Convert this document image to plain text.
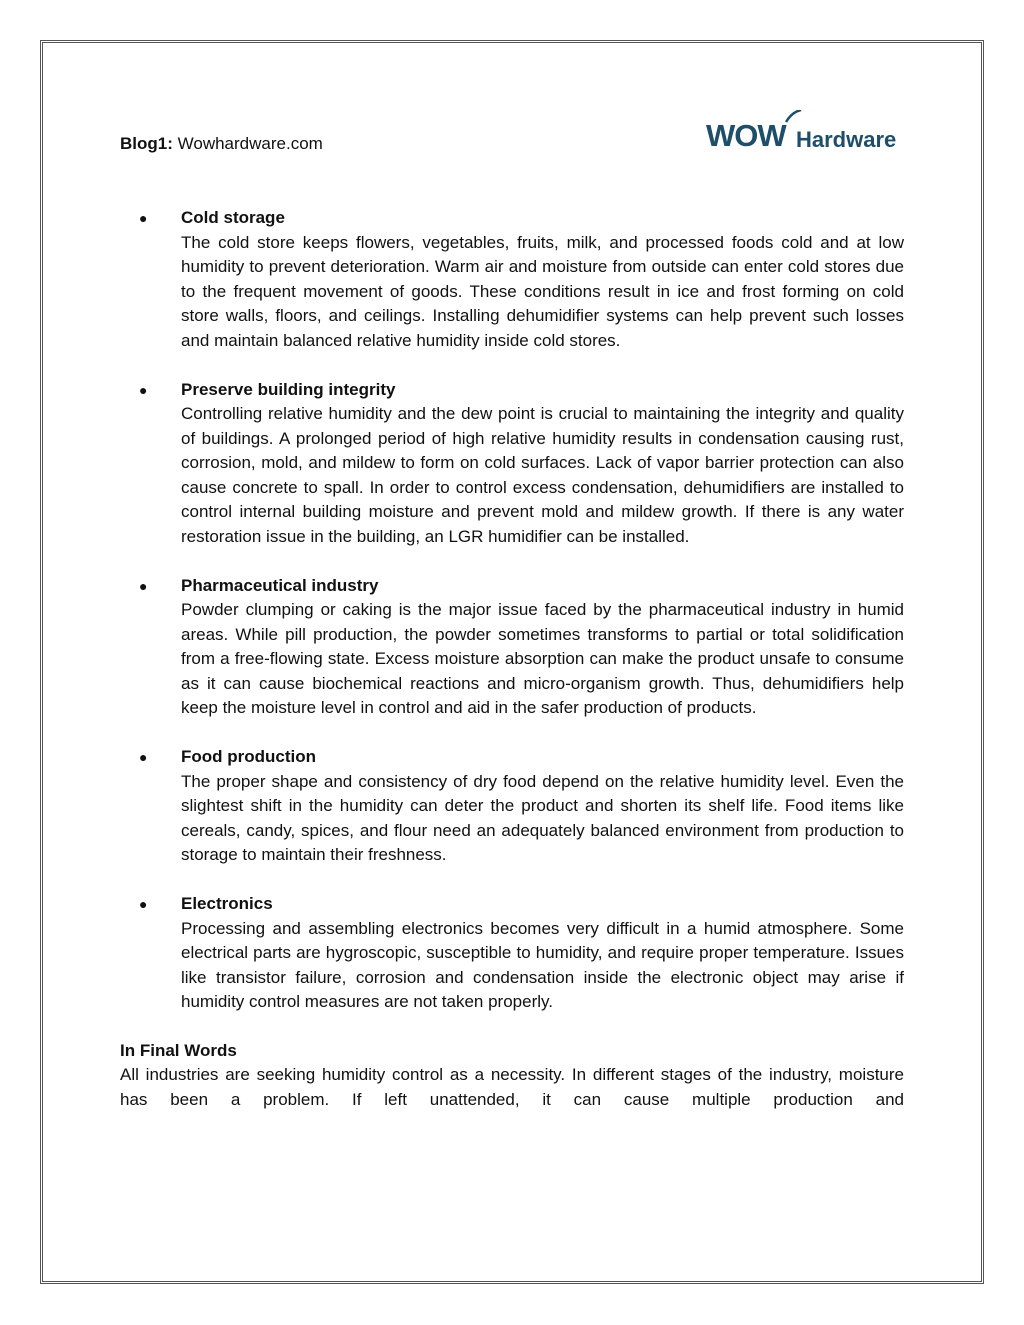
Blog1: Wowhardware.com	WOW Hardware
● Cold storage
The cold store keeps flowers, vegetables, fruits, milk, and processed foods cold and at low humidity to prevent deterioration. Warm air and moisture from outside can enter cold stores due to the frequent movement of goods. These conditions result in ice and frost forming on cold store walls, floors, and ceilings. Installing dehumidifier systems can help prevent such losses and maintain balanced relative humidity inside cold stores.
● Preserve building integrity
Controlling relative humidity and the dew point is crucial to maintaining the integrity and quality of buildings. A prolonged period of high relative humidity results in condensation causing rust, corrosion, mold, and mildew to form on cold surfaces. Lack of vapor barrier protection can also cause concrete to spall. In order to control excess condensation, dehumidifiers are installed to control internal building moisture and prevent mold and mildew growth. If there is any water restoration issue in the building, an LGR humidifier can be installed.
● Pharmaceutical industry
Powder clumping or caking is the major issue faced by the pharmaceutical industry in humid areas. While pill production, the powder sometimes transforms to partial or total solidification from a free-flowing state. Excess moisture absorption can make the product unsafe to consume as it can cause biochemical reactions and micro-organism growth. Thus, dehumidifiers help keep the moisture level in control and aid in the safer production of products.
● Food production
The proper shape and consistency of dry food depend on the relative humidity level. Even the slightest shift in the humidity can deter the product and shorten its shelf life. Food items like cereals, candy, spices, and flour need an adequately balanced environment from production to storage to maintain their freshness.
● Electronics
Processing and assembling electronics becomes very difficult in a humid atmosphere. Some electrical parts are hygroscopic, susceptible to humidity, and require proper temperature. Issues like transistor failure, corrosion and condensation inside the electronic object may arise if humidity control measures are not taken properly.
In Final Words
All industries are seeking humidity control as a necessity. In different stages of the industry, moisture has been a problem. If left unattended, it can cause multiple production and
